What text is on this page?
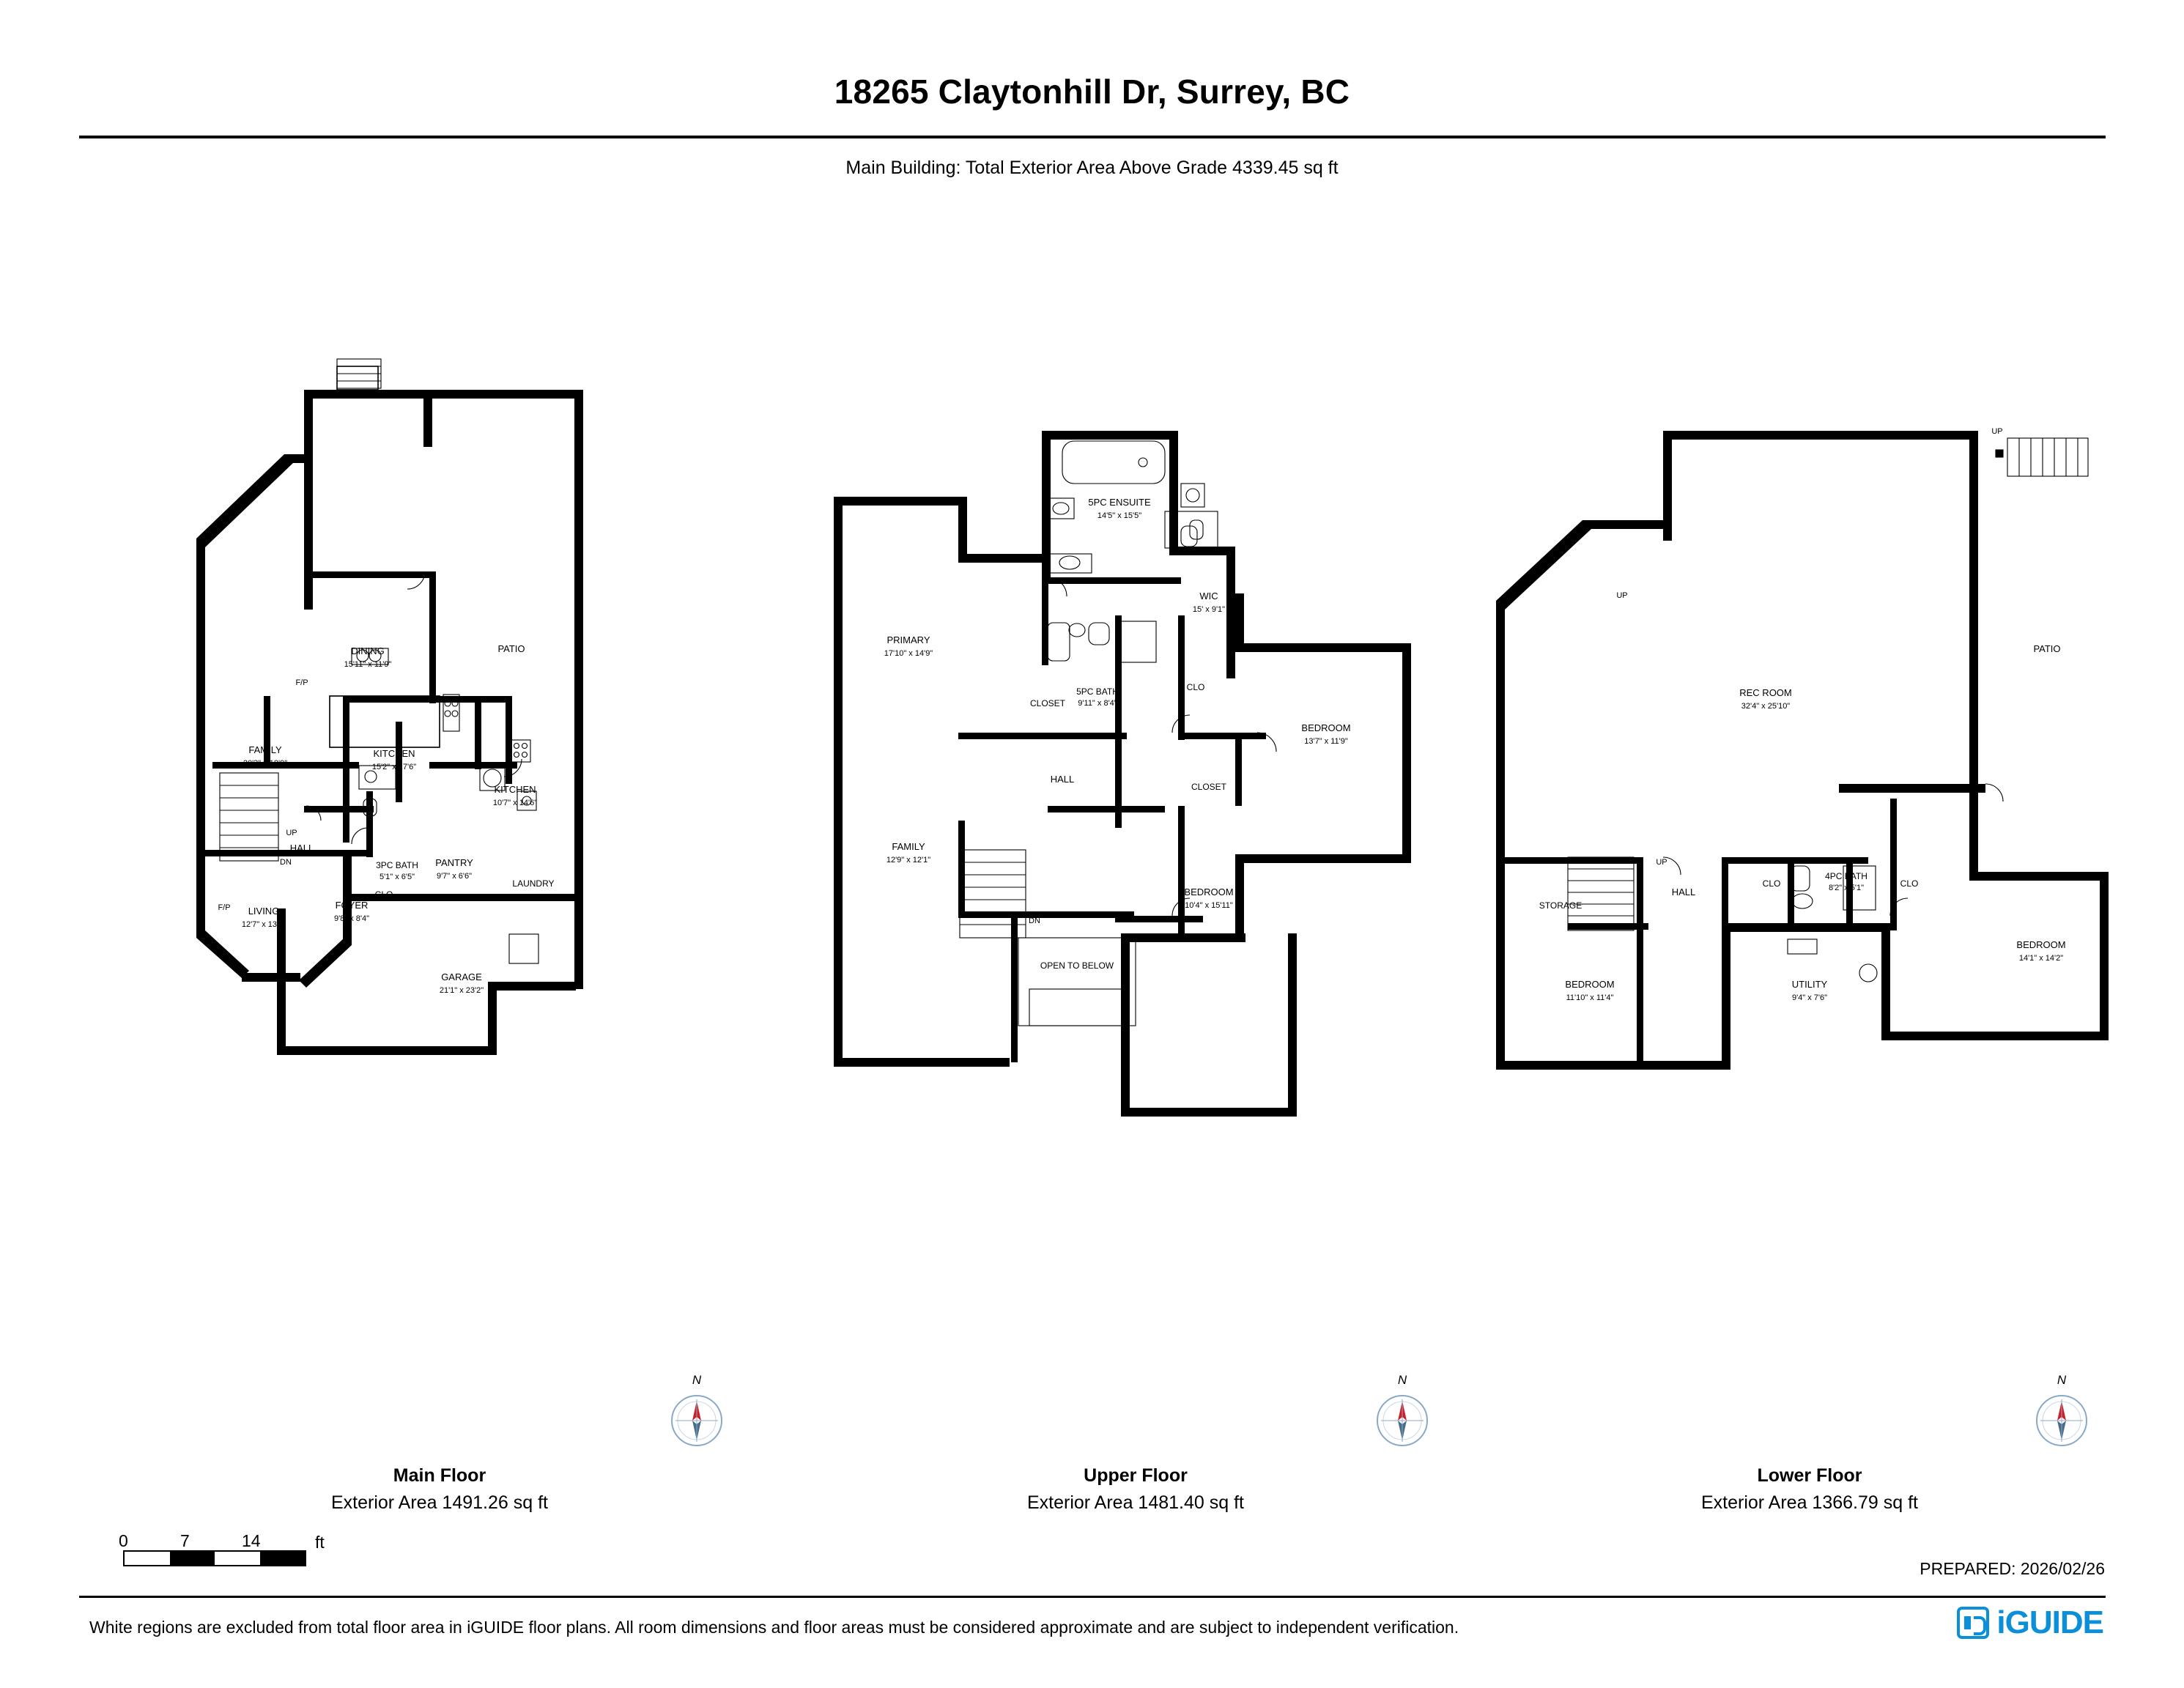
18265 Claytonhill Dr, Surrey, BC
Main Building: Total Exterior Area Above Grade 4339.45 sq ft
DINING
15'11" x 11'9"
PATIO
FAMILY
20'3" x 18'9"
KITCHEN
15'2" x 17'6"
KITCHEN
10'7" x 14'6"
HALL
3PC BATH
5'1" x 6'5"
PANTRY
9'7" x 6'6"
LAUNDRY
LIVING
12'7" x 13'7"
FOYER
9'8" x 8'4"
CLO
GARAGE
21'1" x 23'2"
UP
DN
F/P
F/P
5PC ENSUITE
14'5" x 15'5"
PRIMARY
17'10" x 14'9"
WIC
15' x 9'1"
5PC BATH
9'11" x 8'4"
CLO
CLOSET
BEDROOM
13'7" x 11'9"
HALL
CLOSET
FAMILY
12'9" x 12'1"
OPEN TO BELOW
BEDROOM
10'4" x 15'11"
DN
PATIO
REC ROOM
32'4" x 25'10"
BEDROOM
14'1" x 14'2"
STORAGE
HALL
CLO
4PC BATH
8'2" x 5'1"	CLO
BEDROOM
11'10" x 11'4"
UTILITY
9'4" x 7'6"
UP
UP
UP
N	N	N
Main Floor
Exterior Area 1491.26 sq ft
Upper Floor
Exterior Area 1481.40 sq ft
Lower Floor
Exterior Area 1366.79 sq ft
0	7	14	ft
PREPARED: 2026/02/26
White regions are excluded from total floor area in iGUIDE floor plans. All room dimensions and floor areas must be considered approximate and are subject to independent verification.	iGUIDE
